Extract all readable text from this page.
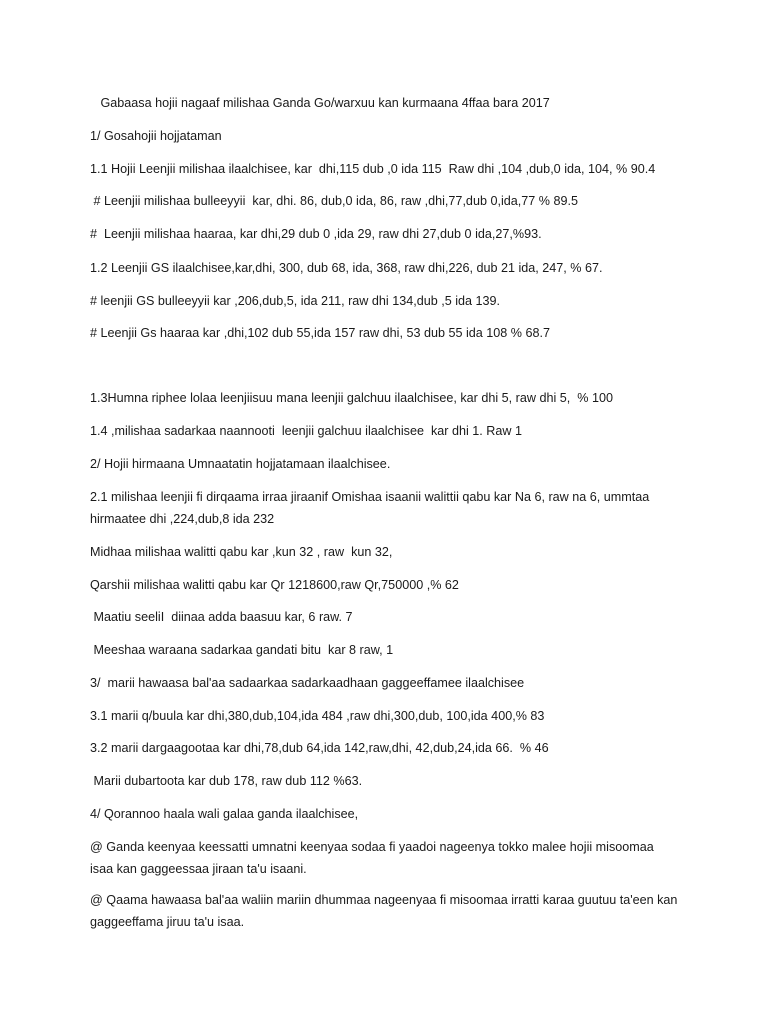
Gabaasa hojii nagaaf milishaa Ganda Go/warxuu kan kurmaana 4ffaa bara 2017

1/ Gosahojii hojjataman

1.1 Hojii Leenjii milishaa ilaalchisee, kar  dhi,115 dub ,0 ida 115  Raw dhi ,104 ,dub,0 ida, 104, % 90.4

# Leenjii milishaa bulleeyyii  kar, dhi. 86, dub,0 ida, 86, raw ,dhi,77,dub 0,ida,77 % 89.5

#  Leenjii milishaa haaraa, kar dhi,29 dub 0 ,ida 29, raw dhi 27,dub 0 ida,27,%93.

1.2 Leenjii GS ilaalchisee,kar,dhi, 300, dub 68, ida, 368, raw dhi,226, dub 21 ida, 247, % 67.

# leenjii GS bulleeyyii kar ,206,dub,5, ida 211, raw dhi 134,dub ,5 ida 139.

# Leenjii Gs haaraa kar ,dhi,102 dub 55,ida 157 raw dhi, 53 dub 55 ida 108 % 68.7

1.3Humna riphee lolaa leenjiisuu mana leenjii galchuu ilaalchisee, kar dhi 5, raw dhi 5,  % 100

1.4 ,milishaa sadarkaa naannooti  leenjii galchuu ilaalchisee  kar dhi 1. Raw 1

2/ Hojii hirmaana Umnaatatin hojjatamaan ilaalchisee.

2.1 milishaa leenjii fi dirqaama irraa jiraanif Omishaa isaanii walittii qabu kar Na 6, raw na 6, ummtaa hirmaatee dhi ,224,dub,8 ida 232

Midhaa milishaa walitti qabu kar ,kun 32 , raw  kun 32,

Qarshii milishaa walitti qabu kar Qr 1218600,raw Qr,750000 ,% 62

Maatiu seeliI  diinaa adda baasuu kar, 6 raw. 7

Meeshaa waraana sadarkaa gandati bitu  kar 8 raw, 1

3/  marii hawaasa bal'aa sadaarkaa sadarkaadhaan gaggeeffamee ilaalchisee

3.1 marii q/buula kar dhi,380,dub,104,ida 484 ,raw dhi,300,dub, 100,ida 400,% 83

3.2 marii dargaagootaa kar dhi,78,dub 64,ida 142,raw,dhi, 42,dub,24,ida 66.  % 46

Marii dubartoota kar dub 178, raw dub 112 %63.

4/ Qorannoo haala wali galaa ganda ilaalchisee,

@ Ganda keenyaa keessatti umnatni keenyaa sodaa fi yaadoi nageenya tokko malee hojii misoomaa isaa kan gaggeessaa jiraan ta'u isaani.

@ Qaama hawaasa bal'aa waliin mariin dhummaa nageenyaa fi misoomaa irratti karaa guutuu ta'een kan gaggeeffama jiruu ta'u isaa.
